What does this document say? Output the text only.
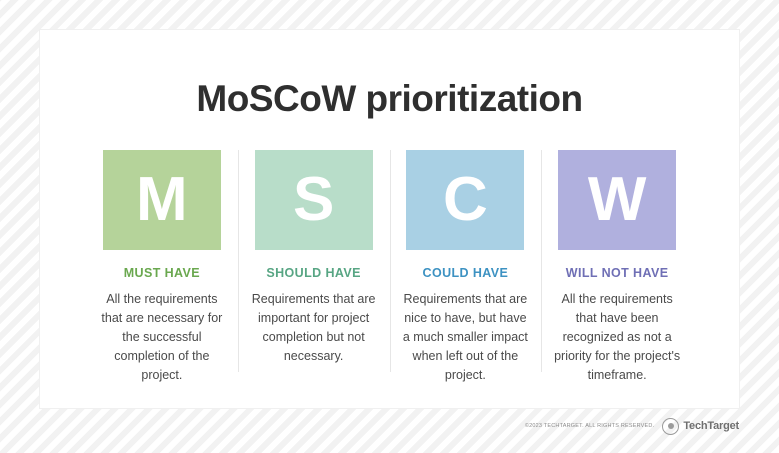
MoSCoW prioritization
M
MUST HAVE
All the requirements that are necessary for the successful completion of the project.
S
SHOULD HAVE
Requirements that are important for project completion but not necessary.
C
COULD HAVE
Requirements that are nice to have, but have a much smaller impact when left out of the project.
W
WILL NOT HAVE
All the requirements that have been recognized as not a priority for the project's timeframe.
©2023 TECHTARGET. ALL RIGHTS RESERVED.	TechTarget
